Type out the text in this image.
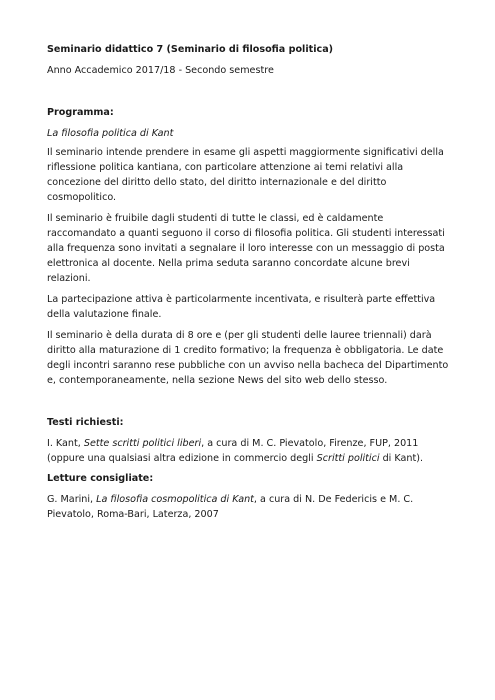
Seminario didattico 7 (Seminario di filosofia politica)
Anno Accademico 2017/18 - Secondo semestre
Programma:
La filosofia politica di Kant

Il seminario intende prendere in esame gli aspetti maggiormente significativi della riflessione politica kantiana, con particolare attenzione ai temi relativi alla concezione del diritto dello stato, del diritto internazionale e del diritto cosmopolitico.

Il seminario è fruibile dagli studenti di tutte le classi, ed è caldamente raccomandato a quanti seguono il corso di filosofia politica. Gli studenti interessati alla frequenza sono invitati a segnalare il loro interesse con un messaggio di posta elettronica al docente. Nella prima seduta saranno concordate alcune brevi relazioni.

La partecipazione attiva è particolarmente incentivata, e risulterà parte effettiva della valutazione finale.

Il seminario è della durata di 8 ore e (per gli studenti delle lauree triennali) darà diritto alla maturazione di 1 credito formativo; la frequenza è obbligatoria. Le date degli incontri saranno rese pubbliche con un avviso nella bacheca del Dipartimento e, contemporaneamente, nella sezione News del sito web dello stesso.

Testi richiesti:

I. Kant, Sette scritti politici liberi, a cura di M. C. Pievatolo, Firenze, FUP, 2011 (oppure una qualsiasi altra edizione in commercio degli Scritti politici di Kant).

Letture consigliate:

G. Marini, La filosofia cosmopolitica di Kant, a cura di N. De Federicis e M. C. Pievatolo, Roma-Bari, Laterza, 2007
